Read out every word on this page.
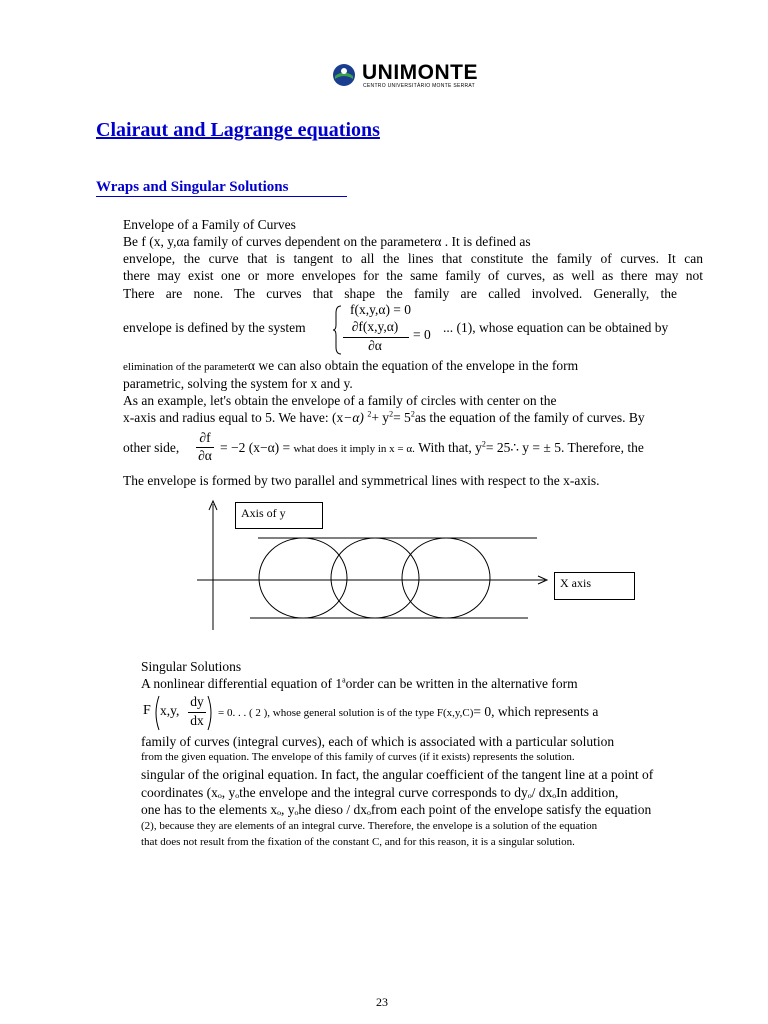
UNIMONTE
CENTRO UNIVERSITÁRIO MONTE SERRAT
Clairaut and Lagrange equations
Wraps and Singular Solutions
Envelope of a Family of Curves
Be f (x, y,αa family of curves dependent on the parameterα . It is defined as
envelope, the curve that is tangent to all the lines that constitute the family of curves. It can
there may exist one or more envelopes for the same family of curves, as well as there may not
There are none. The curves that shape the family are called involved. Generally, the
f(x,y,α) = 0
envelope is defined by the system	∂f(x,y,α)
∂α
= 0 ... (1), whose equation can be obtained by
elimination of the parameterα we can also obtain the equation of the envelope in the form
parametric, solving the system for x and y.
As an example, let's obtain the envelope of a family of circles with center on the
x-axis and radius equal to 5. We have: (x−α) $^2+ y^2= 5^2as$ the equation of the family of curves. By
other side,
∂f
∂α
= −2 (x−α) = what does it imply in x = α. With that, $y^2=$ 25∴ y = ± 5. Therefore, the
The envelope is formed by two parallel and symmetrical lines with respect to the x-axis.
Axis of y
X axis
Singular Solutions
A nonlinear differential equation of 1$^a$order can be written in the alternative form
F x,y,
dy
dx	= 0. . . ( 2 ), whose general solution is of the type F(x,y,C)= 0, which represents a
family of curves (integral curves), each of which is associated with a particular solution
from the given equation. The envelope of this family of curves (if it exists) represents the solution.
singular of the original equation. In fact, the angular coefficient of the tangent line at a point of
coordinates (xₒ, yₒthe envelope and the integral curve corresponds to dyₒ/ dxₒIn addition,
one has to the elements xₒ, yₒhe dieso / dxₒfrom each point of the envelope satisfy the equation
(2), because they are elements of an integral curve. Therefore, the envelope is a solution of the equation
that does not result from the fixation of the constant C, and for this reason, it is a singular solution.
23
